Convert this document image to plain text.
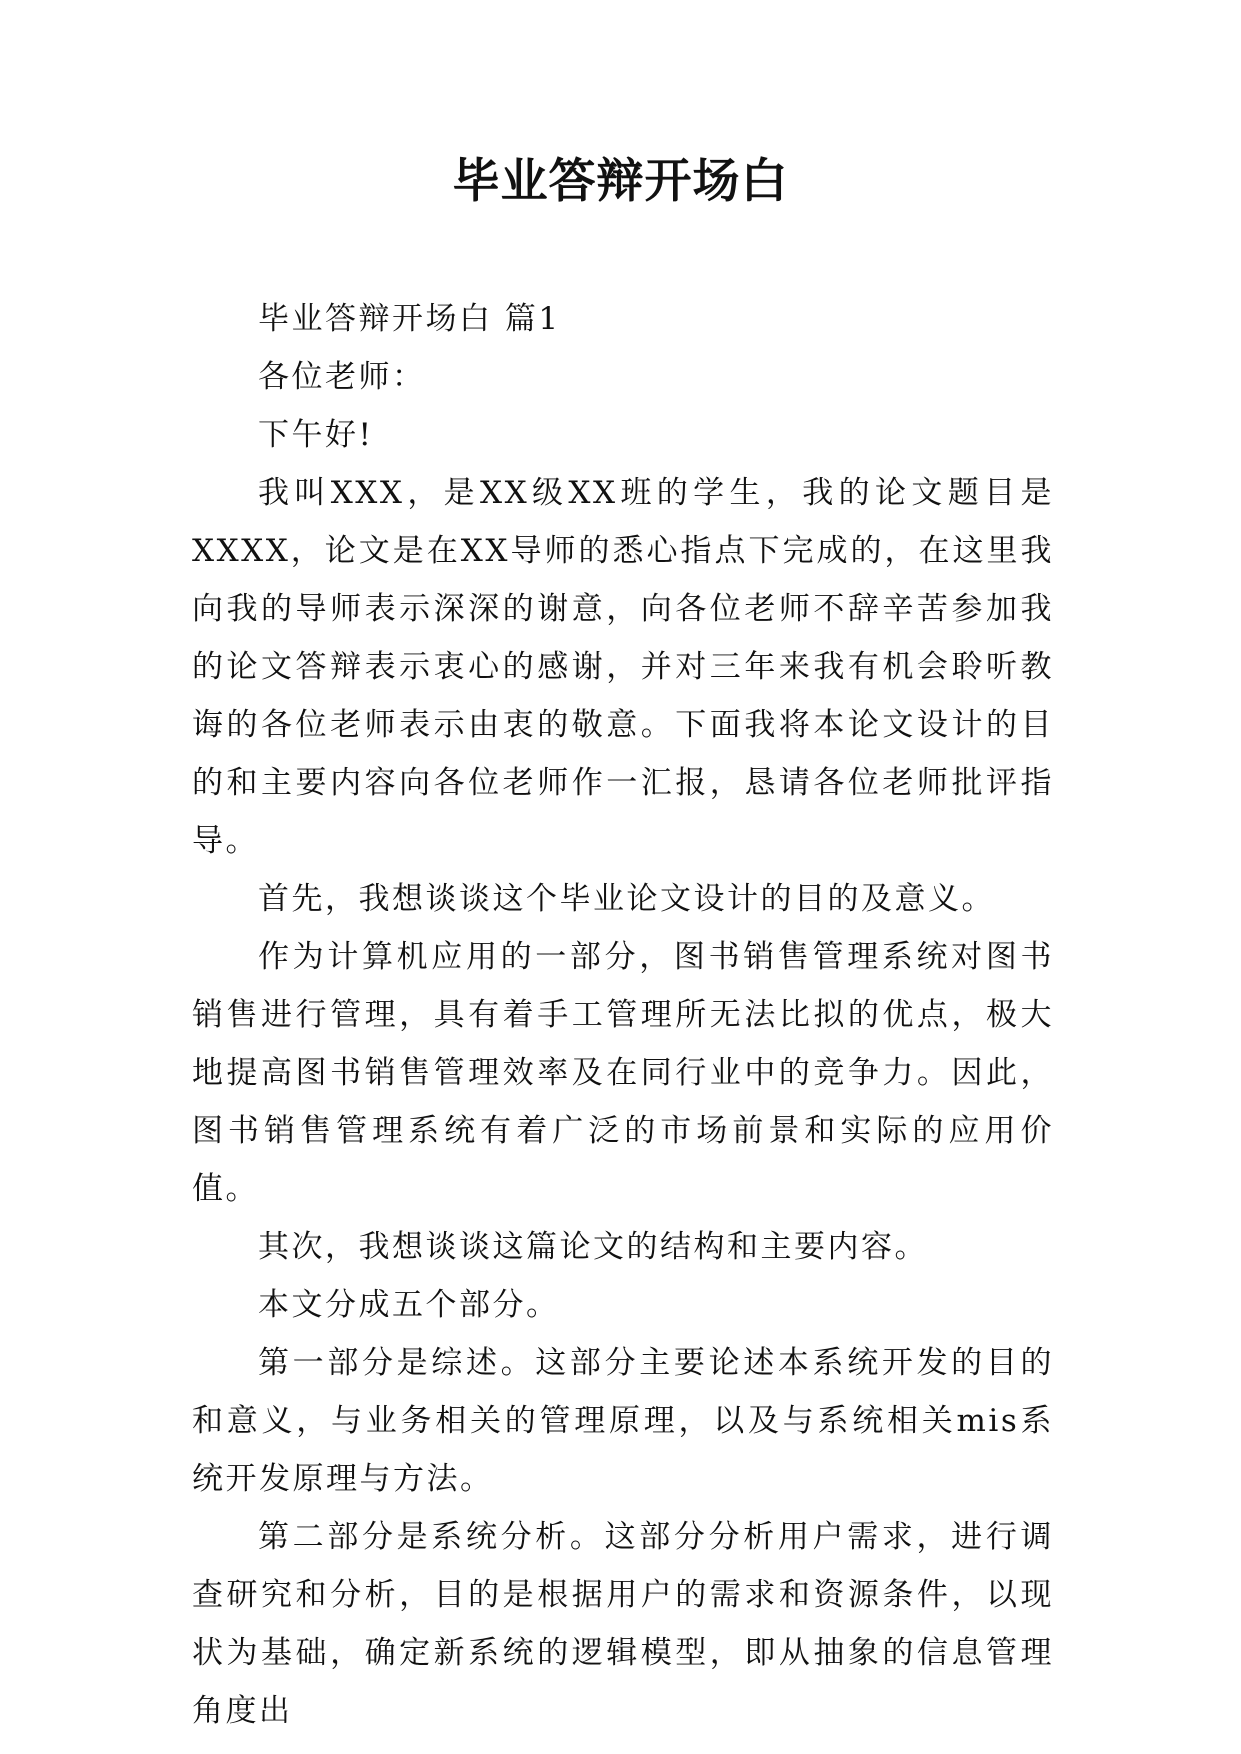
毕业答辩开场白

毕业答辩开场白 篇1

各位老师：

下午好!

我叫XXX，是XX级XX班的学生，我的论文题目是XXXX，论文是在XX导师的悉心指点下完成的，在这里我向我的导师表示深深的谢意，向各位老师不辞辛苦参加我的论文答辩表示衷心的感谢，并对三年来我有机会聆听教诲的各位老师表示由衷的敬意。下面我将本论文设计的目的和主要内容向各位老师作一汇报，恳请各位老师批评指导。

首先，我想谈谈这个毕业论文设计的目的及意义。

作为计算机应用的一部分，图书销售管理系统对图书销售进行管理，具有着手工管理所无法比拟的优点，极大地提高图书销售管理效率及在同行业中的竞争力。因此，图书销售管理系统有着广泛的市场前景和实际的应用价值。

其次，我想谈谈这篇论文的结构和主要内容。

本文分成五个部分。

第一部分是综述。这部分主要论述本系统开发的目的和意义，与业务相关的管理原理，以及与系统相关mis系统开发原理与方法。

第二部分是系统分析。这部分分析用户需求，进行调查研究和分析，目的是根据用户的需求和资源条件，以现状为基础，确定新系统的逻辑模型，即从抽象的信息管理角度出
